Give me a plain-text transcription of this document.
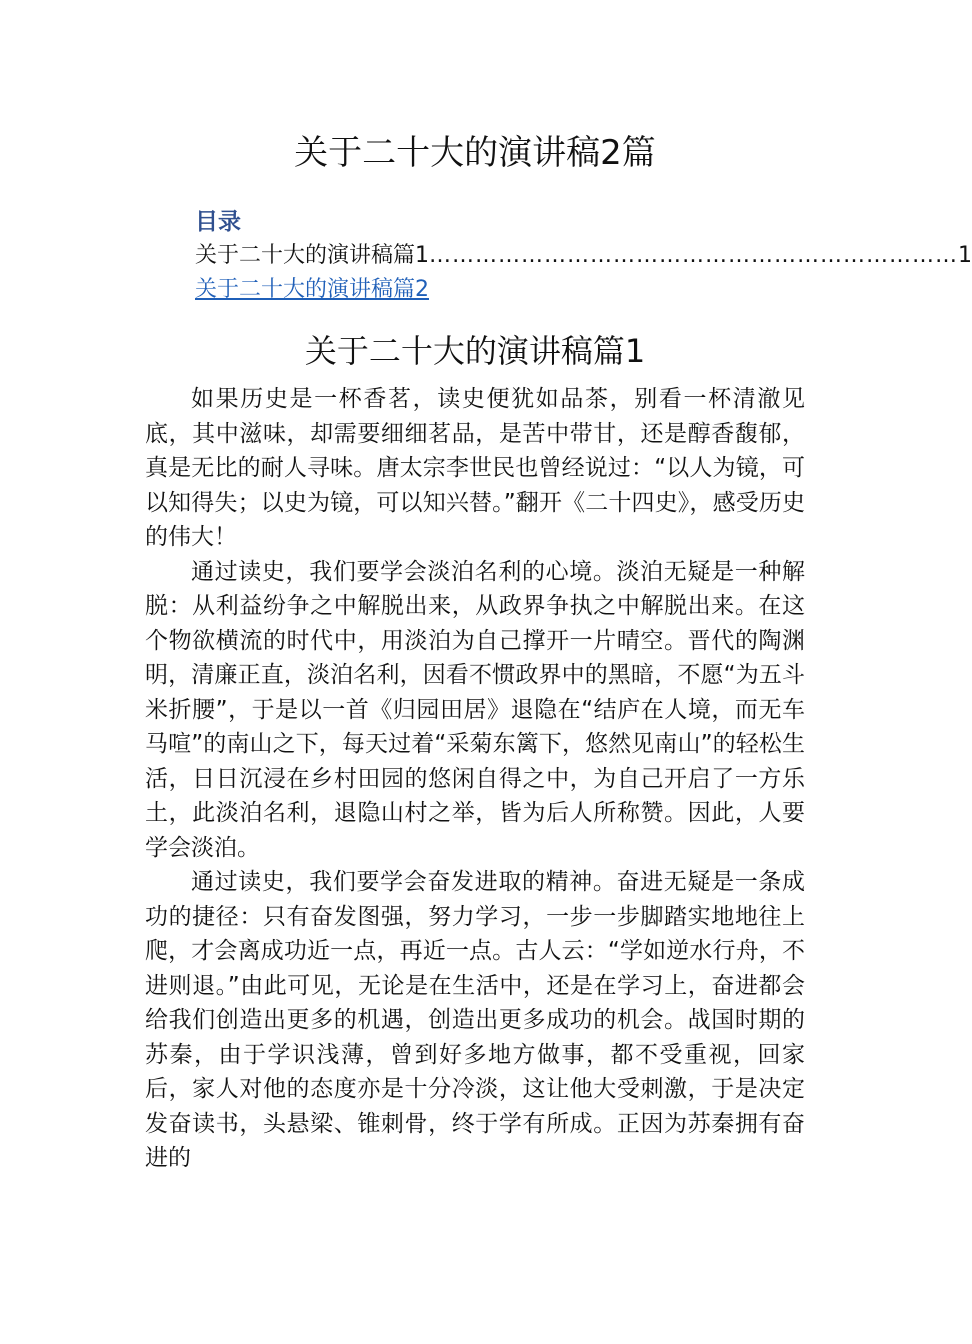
关于二十大的演讲稿2篇
目录
关于二十大的演讲稿篇1 …………………………………………………………… 1
关于二十大的演讲稿篇2
关于二十大的演讲稿篇1

如果历史是一杯香茗，读史便犹如品茶，别看一杯清澈见底，其中滋味，却需要细细茗品，是苦中带甘，还是醇香馥郁，真是无比的耐人寻味。唐太宗李世民也曾经说过：“以人为镜，可以知得失；以史为镜，可以知兴替。”翻开《二十四史》，感受历史的伟大！

通过读史，我们要学会淡泊名利的心境。淡泊无疑是一种解脱：从利益纷争之中解脱出来，从政界争执之中解脱出来。在这个物欲横流的时代中，用淡泊为自己撑开一片晴空。晋代的陶渊明，清廉正直，淡泊名利，因看不惯政界中的黑暗，不愿“为五斗米折腰”，于是以一首《归园田居》退隐在“结庐在人境，而无车马喧”的南山之下，每天过着“采菊东篱下，悠然见南山”的轻松生活，日日沉浸在乡村田园的悠闲自得之中，为自己开启了一方乐土，此淡泊名利，退隐山村之举，皆为后人所称赞。因此，人要学会淡泊。

通过读史，我们要学会奋发进取的精神。奋进无疑是一条成功的捷径：只有奋发图强，努力学习，一步一步脚踏实地地往上爬，才会离成功近一点，再近一点。古人云：“学如逆水行舟，不进则退。”由此可见，无论是在生活中，还是在学习上，奋进都会给我们创造出更多的机遇，创造出更多成功的机会。战国时期的苏秦，由于学识浅薄，曾到好多地方做事，都不受重视，回家后，家人对他的态度亦是十分冷淡，这让他大受刺激，于是决定发奋读书，头悬梁、锥刺骨，终于学有所成。正因为苏秦拥有奋进的
